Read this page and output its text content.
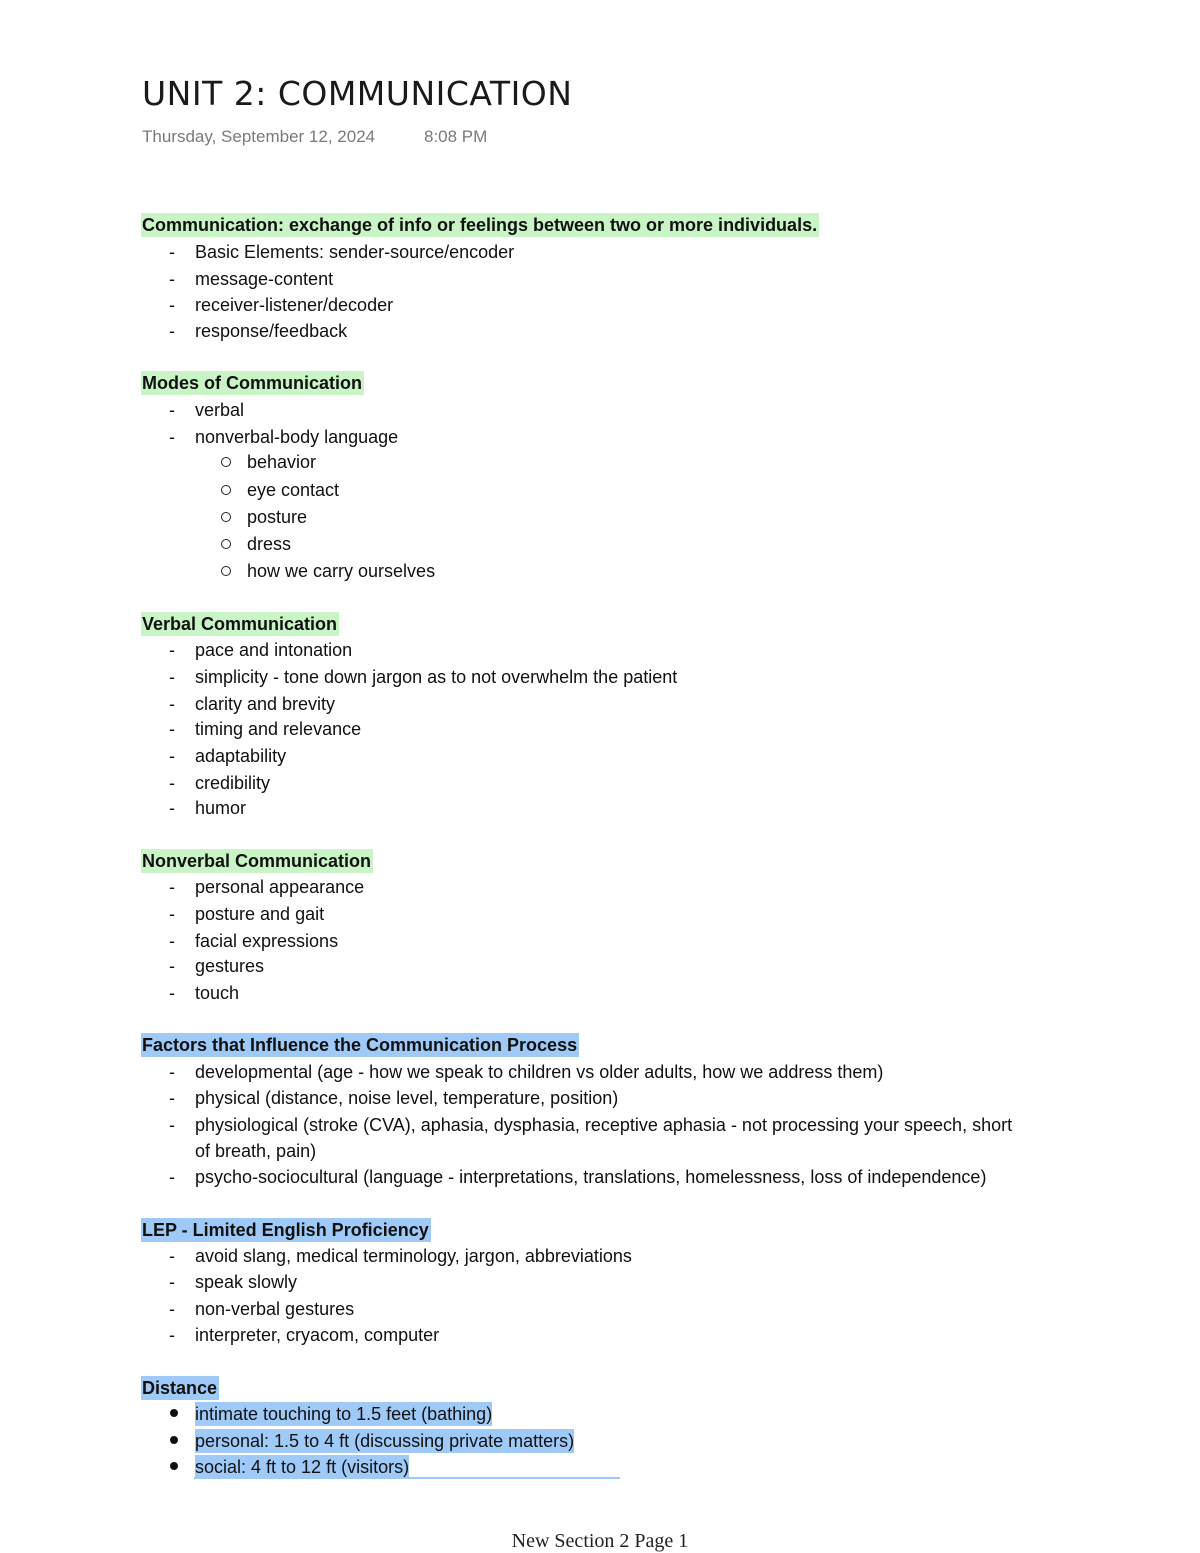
UNIT 2: COMMUNICATION
Thursday, September 12, 2024	8:08 PM
Communication: exchange of info or feelings between two or more individuals.
- Basic Elements: sender-source/encoder
- message-content
- receiver-listener/decoder
- response/feedback
Modes of Communication
- verbal
- nonverbal-body language
behavior
eye contact
posture
dress
how we carry ourselves
Verbal Communication
- pace and intonation
- simplicity - tone down jargon as to not overwhelm the patient
- clarity and brevity
- timing and relevance
- adaptability
- credibility
- humor
Nonverbal Communication
- personal appearance
- posture and gait
- facial expressions
- gestures
- touch
Factors that Influence the Communication Process
- developmental (age - how we speak to children vs older adults, how we address them)
- physical (distance, noise level, temperature, position)
- physiological (stroke (CVA), aphasia, dysphasia, receptive aphasia - not processing your speech, short
of breath, pain)
- psycho-sociocultural (language - interpretations, translations, homelessness, loss of independence)
LEP - Limited English Proficiency
- avoid slang, medical terminology, jargon, abbreviations
- speak slowly
- non-verbal gestures
- interpreter, cryacom, computer
Distance
intimate touching to 1.5 feet (bathing)
personal: 1.5 to 4 ft (discussing private matters)
social: 4 ft to 12 ft (visitors)
New Section 2 Page 1
